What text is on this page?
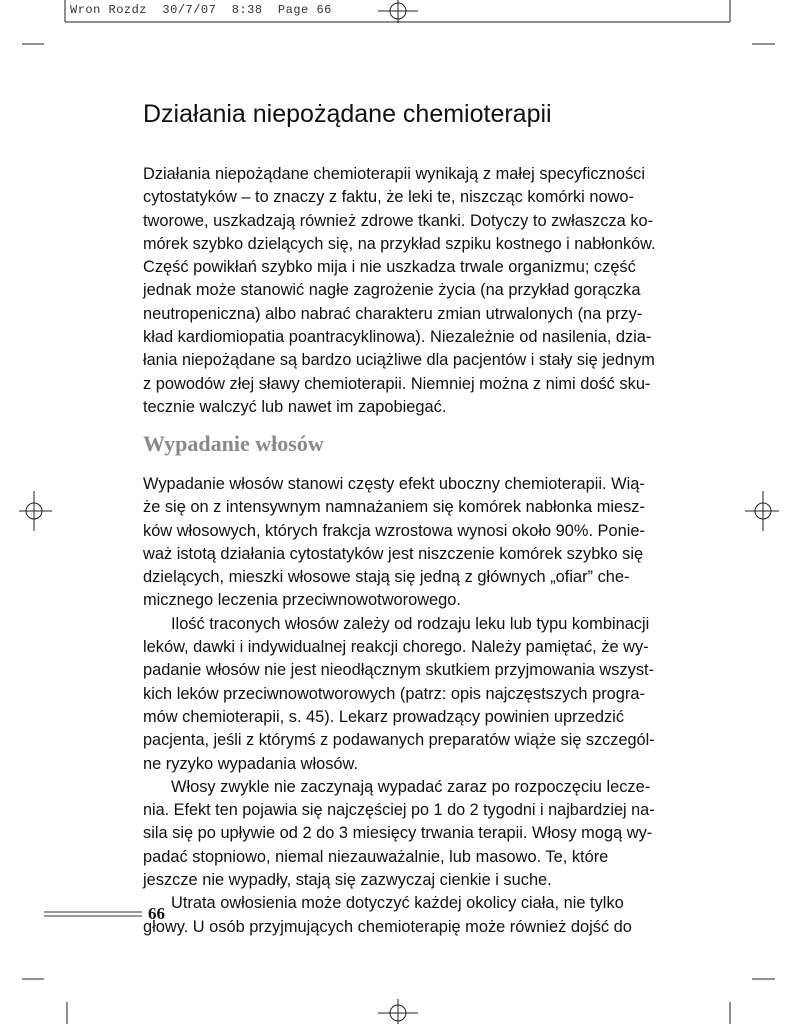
Wron Rozdz  30/7/07  8:38  Page 66
Działania niepożądane chemioterapii
Działania niepożądane chemioterapii wynikają z małej specyficzności
cytostatyków – to znaczy z faktu, że leki te, niszcząc komórki nowo-
tworowe, uszkadzają również zdrowe tkanki. Dotyczy to zwłaszcza ko-
mórek szybko dzielących się, na przykład szpiku kostnego i nabłonków.
Część powikłań szybko mija i nie uszkadza trwale organizmu; część
jednak może stanowić nagłe zagrożenie życia (na przykład gorączka
neutropeniczna) albo nabrać charakteru zmian utrwalonych (na przy-
kład kardiomiopatia poantracyklinowa). Niezależnie od nasilenia, dzia-
łania niepożądane są bardzo uciążliwe dla pacjentów i stały się jednym
z powodów złej sławy chemioterapii. Niemniej można z nimi dość sku-
tecznie walczyć lub nawet im zapobiegać.
Wypadanie włosów
Wypadanie włosów stanowi częsty efekt uboczny chemioterapii. Wią-
że się on z intensywnym namnażaniem się komórek nabłonka miesz-
ków włosowych, których frakcja wzrostowa wynosi około 90%. Ponie-
waż istotą działania cytostatyków jest niszczenie komórek szybko się
dzielących, mieszki włosowe stają się jedną z głównych „ofiar” che-
micznego leczenia przeciwnowotworowego.
Ilość traconych włosów zależy od rodzaju leku lub typu kombinacji
leków, dawki i indywidualnej reakcji chorego. Należy pamiętać, że wy-
padanie włosów nie jest nieodłącznym skutkiem przyjmowania wszyst-
kich leków przeciwnowotworowych (patrz: opis najczęstszych progra-
mów chemioterapii, s. 45). Lekarz prowadzący powinien uprzedzić
pacjenta, jeśli z którymś z podawanych preparatów wiąże się szczegól-
ne ryzyko wypadania włosów.
Włosy zwykle nie zaczynają wypadać zaraz po rozpoczęciu lecze-
nia. Efekt ten pojawia się najczęściej po 1 do 2 tygodni i najbardziej na-
sila się po upływie od 2 do 3 miesięcy trwania terapii. Włosy mogą wy-
padać stopniowo, niemal niezauważalnie, lub masowo. Te, które
jeszcze nie wypadły, stają się zazwyczaj cienkie i suche.
Utrata owłosienia może dotyczyć każdej okolicy ciała, nie tylko
głowy. U osób przyjmujących chemioterapię może również dojść do
66
